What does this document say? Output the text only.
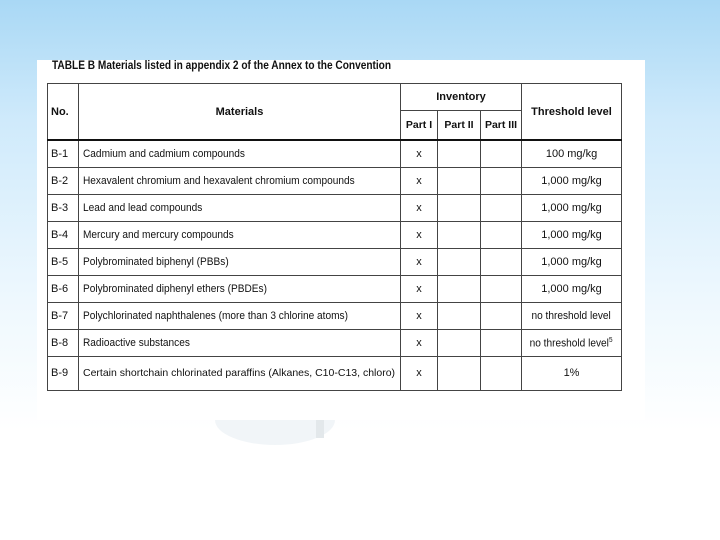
TABLE B Materials listed in appendix 2 of the Annex to the Convention
No.	Materials	Inventory			Threshold level
		Part I	Part II	Part III	
B-1	Cadmium and cadmium compounds	x			100 mg/kg
B-2	Hexavalent chromium and hexavalent chromium compounds	x			1,000 mg/kg
B-3	Lead and lead compounds	x			1,000 mg/kg
B-4	Mercury and mercury compounds	x			1,000 mg/kg
B-5	Polybrominated biphenyl (PBBs)	x			1,000 mg/kg
B-6	Polybrominated diphenyl ethers (PBDEs)	x			1,000 mg/kg
B-7	Polychlorinated naphthalenes (more than 3 chlorine atoms)	x			no threshold level
B-8	Radioactive substances	x			no threshold level$^5$
B-9	Certain shortchain chlorinated paraffins (Alkanes, C10-C13, chloro)	x			1%
